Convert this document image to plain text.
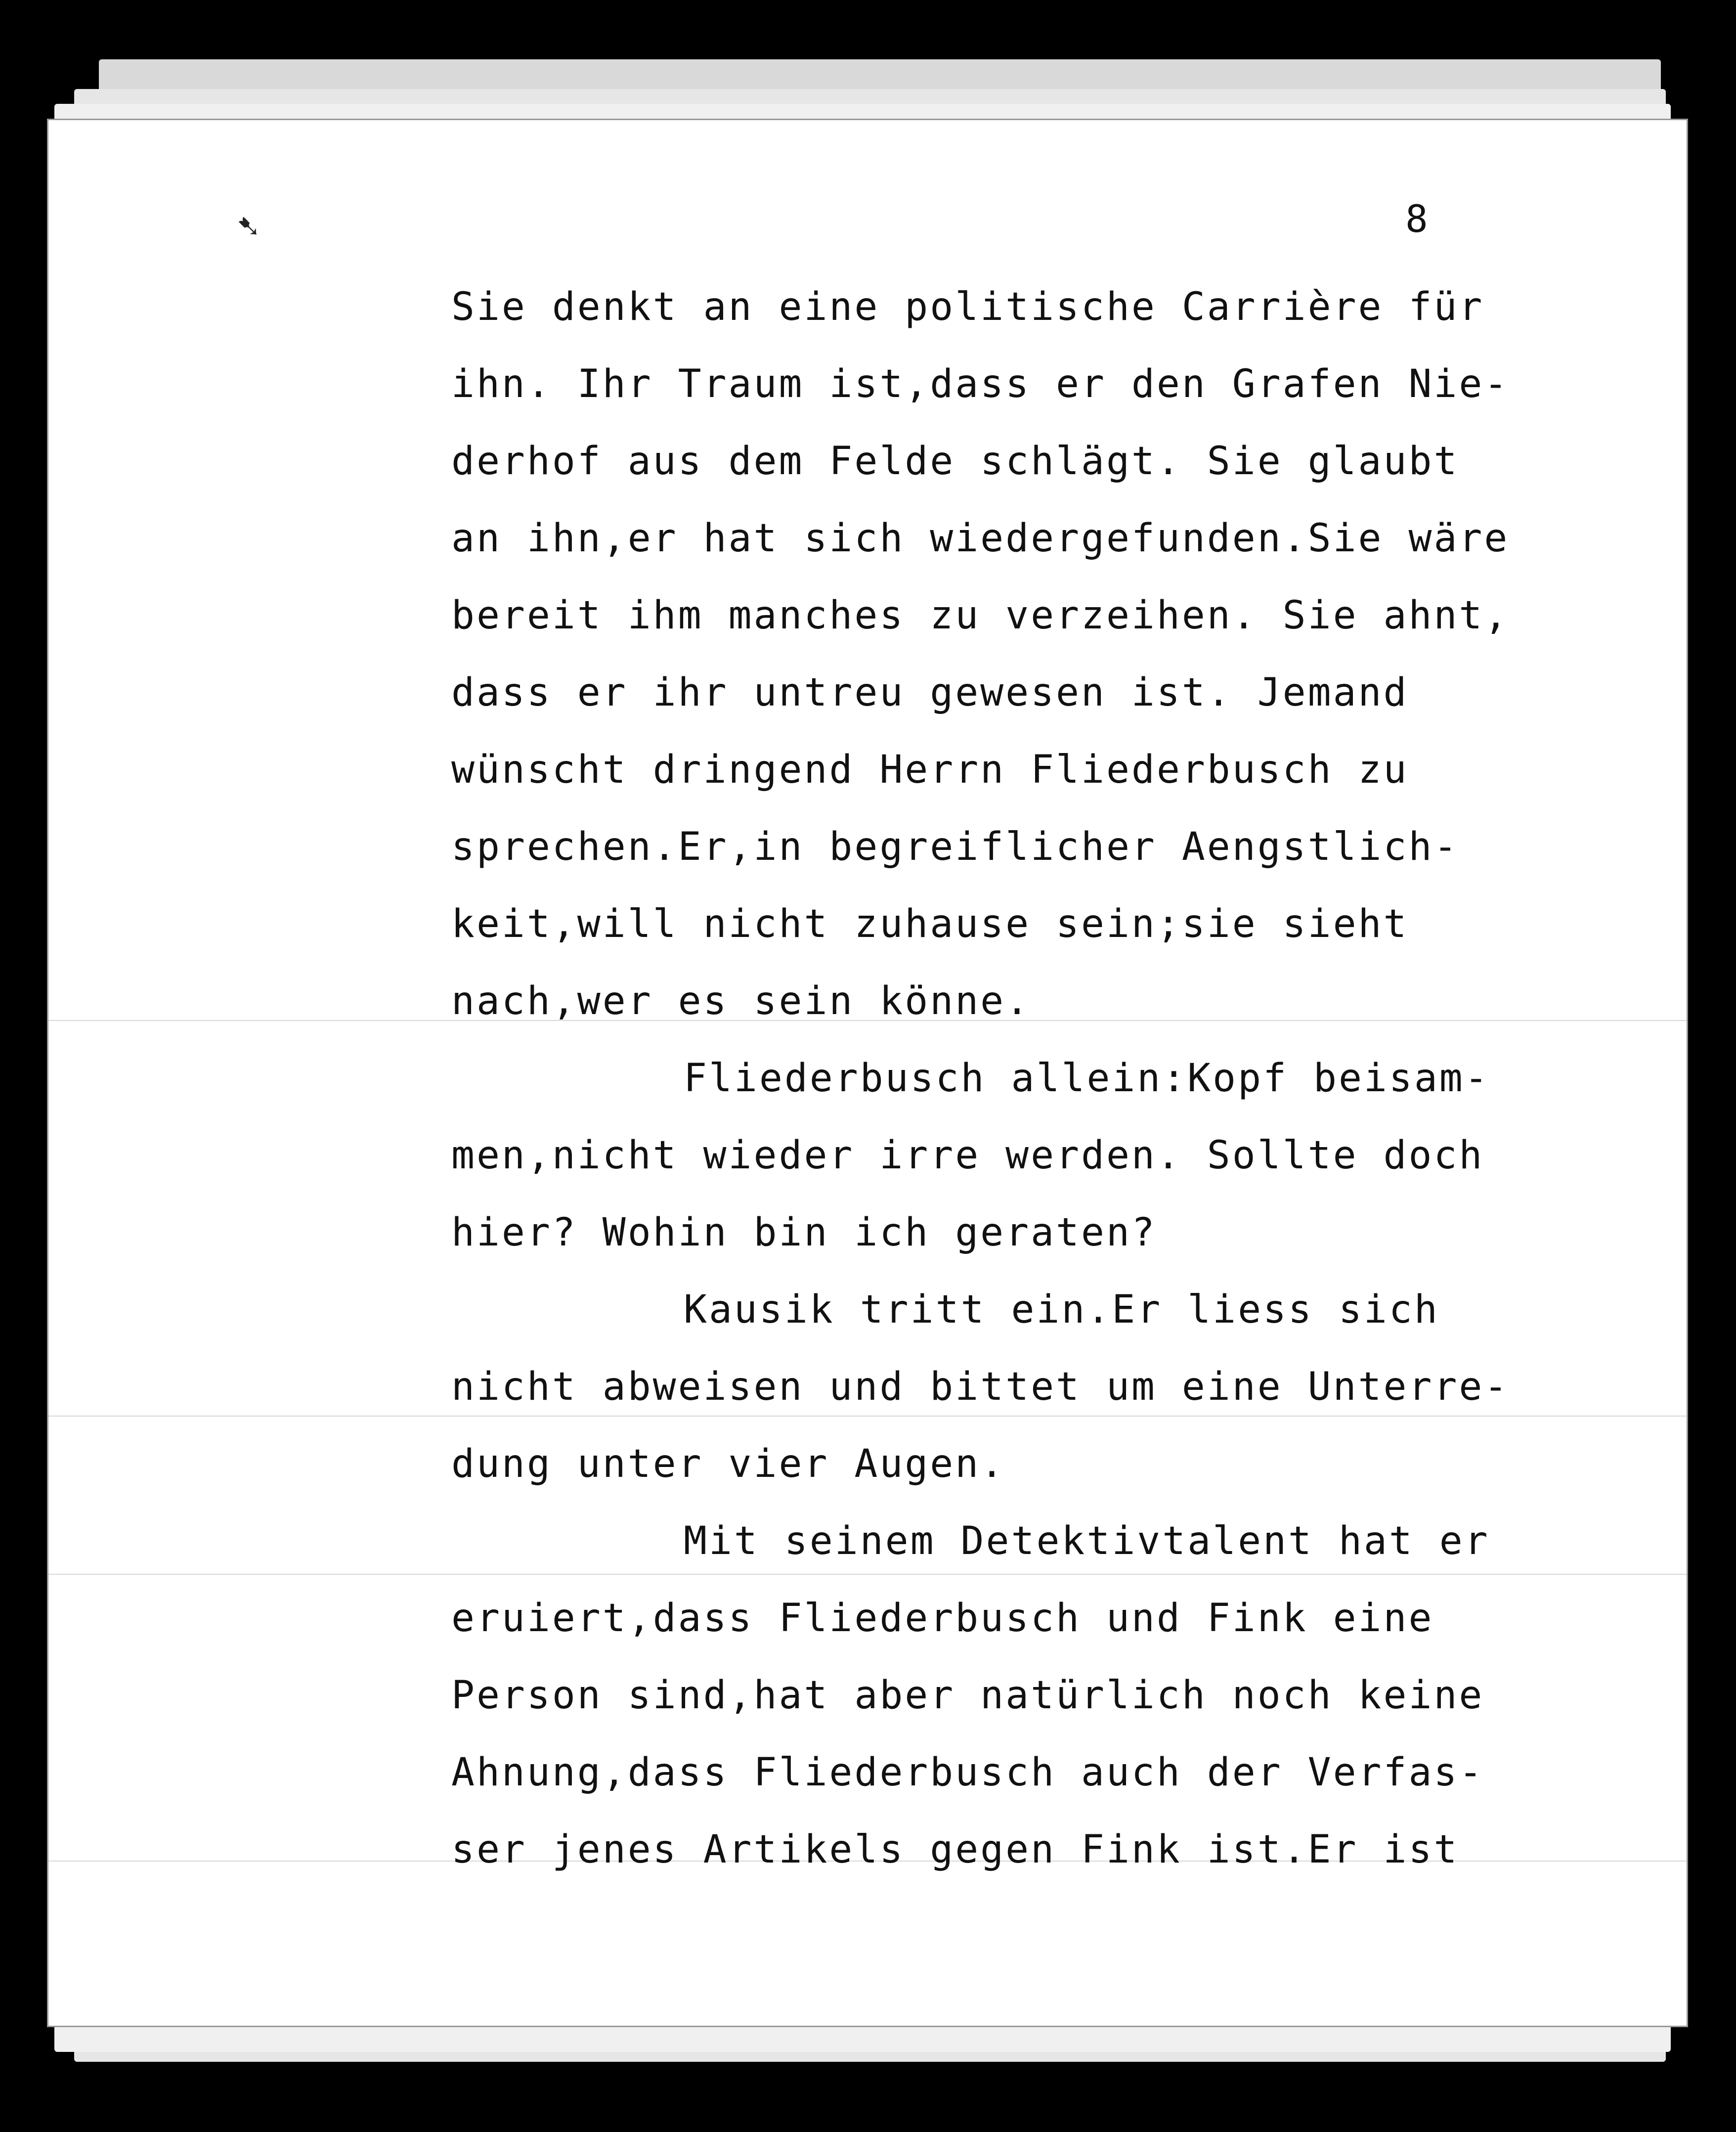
➷	8
Sie denkt an eine politische Carrière für
ihn. Ihr Traum ist,dass er den Grafen Nie-
derhof aus dem Felde schlägt. Sie glaubt
an ihn,er hat sich wiedergefunden.Sie wäre
bereit ihm manches zu verzeihen. Sie ahnt,
dass er ihr untreu gewesen ist. Jemand
wünscht dringend Herrn Fliederbusch zu
sprechen.Er,in begreiflicher Aengstlich-
keit,will nicht zuhause sein;sie sieht
nach,wer es sein könne.
Fliederbusch allein:Kopf beisam-
men,nicht wieder irre werden. Sollte doch
hier? Wohin bin ich geraten?
Kausik tritt ein.Er liess sich
nicht abweisen und bittet um eine Unterre-
dung unter vier Augen.
Mit seinem Detektivtalent hat er
eruiert,dass Fliederbusch und Fink eine
Person sind,hat aber natürlich noch keine
Ahnung,dass Fliederbusch auch der Verfas-
ser jenes Artikels gegen Fink ist.Er ist
